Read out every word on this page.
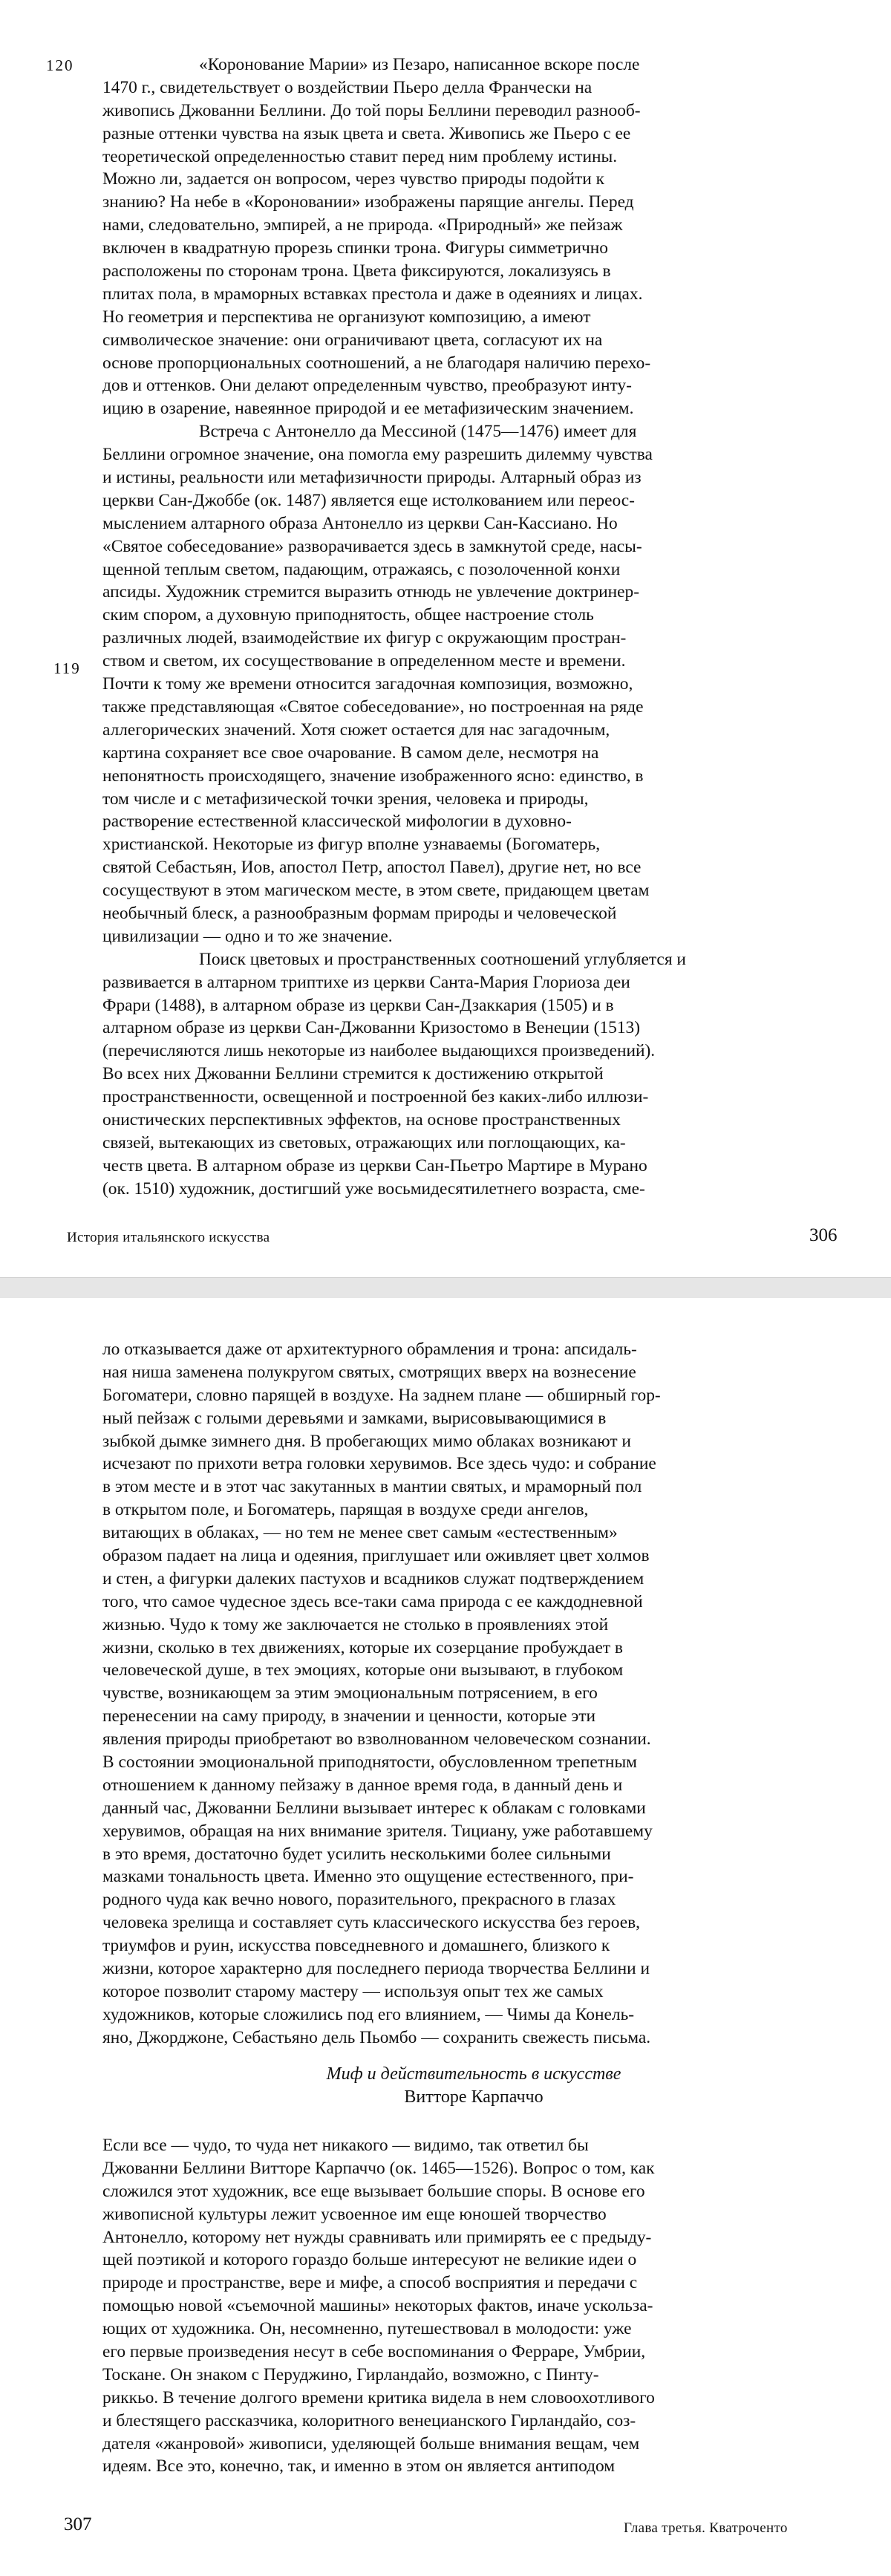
120
119
«Коронование Марии» из Пезаро, написанное вскоре после
1470 г., свидетельствует о воздействии Пьеро делла Франчески на
живопись Джованни Беллини. До той поры Беллини переводил разнооб-
разные оттенки чувства на язык цвета и света. Живопись же Пьеро с ее
теоретической определенностью ставит перед ним проблему истины.
Можно ли, задается он вопросом, через чувство природы подойти к
знанию? На небе в «Короновании» изображены парящие ангелы. Перед
нами, следовательно, эмпирей, а не природа. «Природный» же пейзаж
включен в квадратную прорезь спинки трона. Фигуры симметрично
расположены по сторонам трона. Цвета фиксируются, локализуясь в
плитах пола, в мраморных вставках престола и даже в одеяниях и лицах.
Но геометрия и перспектива не организуют композицию, а имеют
символическое значение: они ограничивают цвета, согласуют их на
основе пропорциональных соотношений, а не благодаря наличию перехо-
дов и оттенков. Они делают определенным чувство, преобразуют инту-
ицию в озарение, навеянное природой и ее метафизическим значением.
Встреча с Антонелло да Мессиной (1475—1476) имеет для
Беллини огромное значение, она помогла ему разрешить дилемму чувства
и истины, реальности или метафизичности природы. Алтарный образ из
церкви Сан-Джоббе (ок. 1487) является еще истолкованием или переос-
мыслением алтарного образа Антонелло из церкви Сан-Кассиано. Но
«Святое собеседование» разворачивается здесь в замкнутой среде, насы-
щенной теплым светом, падающим, отражаясь, с позолоченной конхи
апсиды. Художник стремится выразить отнюдь не увлечение доктринер-
ским спором, а духовную приподнятость, общее настроение столь
различных людей, взаимодействие их фигур с окружающим простран-
ством и светом, их сосуществование в определенном месте и времени.
Почти к тому же времени относится загадочная композиция, возможно,
также представляющая «Святое собеседование», но построенная на ряде
аллегорических значений. Хотя сюжет остается для нас загадочным,
картина сохраняет все свое очарование. В самом деле, несмотря на
непонятность происходящего, значение изображенного ясно: единство, в
том числе и с метафизической точки зрения, человека и природы,
растворение естественной классической мифологии в духовно-
христианской. Некоторые из фигур вполне узнаваемы (Богоматерь,
святой Себастьян, Иов, апостол Петр, апостол Павел), другие нет, но все
сосуществуют в этом магическом месте, в этом свете, придающем цветам
необычный блеск, а разнообразным формам природы и человеческой
цивилизации — одно и то же значение.
Поиск цветовых и пространственных соотношений углубляется и
развивается в алтарном триптихе из церкви Санта-Мария Глориоза деи
Фрари (1488), в алтарном образе из церкви Сан-Дзаккария (1505) и в
алтарном образе из церкви Сан-Джованни Кризостомо в Венеции (1513)
(перечисляются лишь некоторые из наиболее выдающихся произведений).
Во всех них Джованни Беллини стремится к достижению открытой
пространственности, освещенной и построенной без каких-либо иллюзи-
онистических перспективных эффектов, на основе пространственных
связей, вытекающих из световых, отражающих или поглощающих, ка-
честв цвета. В алтарном образе из церкви Сан-Пьетро Мартире в Мурано
(ок. 1510) художник, достигший уже восьмидесятилетнего возраста, сме-
История итальянского искусства	306
ло отказывается даже от архитектурного обрамления и трона: апсидаль-
ная ниша заменена полукругом святых, смотрящих вверх на вознесение
Богоматери, словно парящей в воздухе. На заднем плане — обширный гор-
ный пейзаж с голыми деревьями и замками, вырисовывающимися в
зыбкой дымке зимнего дня. В пробегающих мимо облаках возникают и
исчезают по прихоти ветра головки херувимов. Все здесь чудо: и собрание
в этом месте и в этот час закутанных в мантии святых, и мраморный пол
в открытом поле, и Богоматерь, парящая в воздухе среди ангелов,
витающих в облаках, — но тем не менее свет самым «естественным»
образом падает на лица и одеяния, приглушает или оживляет цвет холмов
и стен, а фигурки далеких пастухов и всадников служат подтверждением
того, что самое чудесное здесь все-таки сама природа с ее каждодневной
жизнью. Чудо к тому же заключается не столько в проявлениях этой
жизни, сколько в тех движениях, которые их созерцание пробуждает в
человеческой душе, в тех эмоциях, которые они вызывают, в глубоком
чувстве, возникающем за этим эмоциональным потрясением, в его
перенесении на саму природу, в значении и ценности, которые эти
явления природы приобретают во взволнованном человеческом сознании.
В состоянии эмоциональной приподнятости, обусловленном трепетным
отношением к данному пейзажу в данное время года, в данный день и
данный час, Джованни Беллини вызывает интерес к облакам с головками
херувимов, обращая на них внимание зрителя. Тициану, уже работавшему
в это время, достаточно будет усилить несколькими более сильными
мазками тональность цвета. Именно это ощущение естественного, при-
родного чуда как вечно нового, поразительного, прекрасного в глазах
человека зрелища и составляет суть классического искусства без героев,
триумфов и руин, искусства повседневного и домашнего, близкого к
жизни, которое характерно для последнего периода творчества Беллини и
которое позволит старому мастеру — используя опыт тех же самых
художников, которые сложились под его влиянием, — Чимы да Конель-
яно, Джорджоне, Себастьяно дель Пьомбо — сохранить свежесть письма.
Миф и действительность в искусстве
Витторе Карпаччо
Если все — чудо, то чуда нет никакого — видимо, так ответил бы
Джованни Беллини Витторе Карпаччо (ок. 1465—1526). Вопрос о том, как
сложился этот художник, все еще вызывает большие споры. В основе его
живописной культуры лежит усвоенное им еще юношей творчество
Антонелло, которому нет нужды сравнивать или примирять ее с предыду-
щей поэтикой и которого гораздо больше интересуют не великие идеи о
природе и пространстве, вере и мифе, а способ восприятия и передачи с
помощью новой «съемочной машины» некоторых фактов, иначе ускольза-
ющих от художника. Он, несомненно, путешествовал в молодости: уже
его первые произведения несут в себе воспоминания о Ферраре, Умбрии,
Тоскане. Он знаком с Перуджино, Гирландайо, возможно, с Пинту-
риккьо. В течение долгого времени критика видела в нем словоохотливого
и блестящего рассказчика, колоритного венецианского Гирландайо, соз-
дателя «жанровой» живописи, уделяющей больше внимания вещам, чем
идеям. Все это, конечно, так, и именно в этом он является антиподом
307	Глава третья. Кватроченто
